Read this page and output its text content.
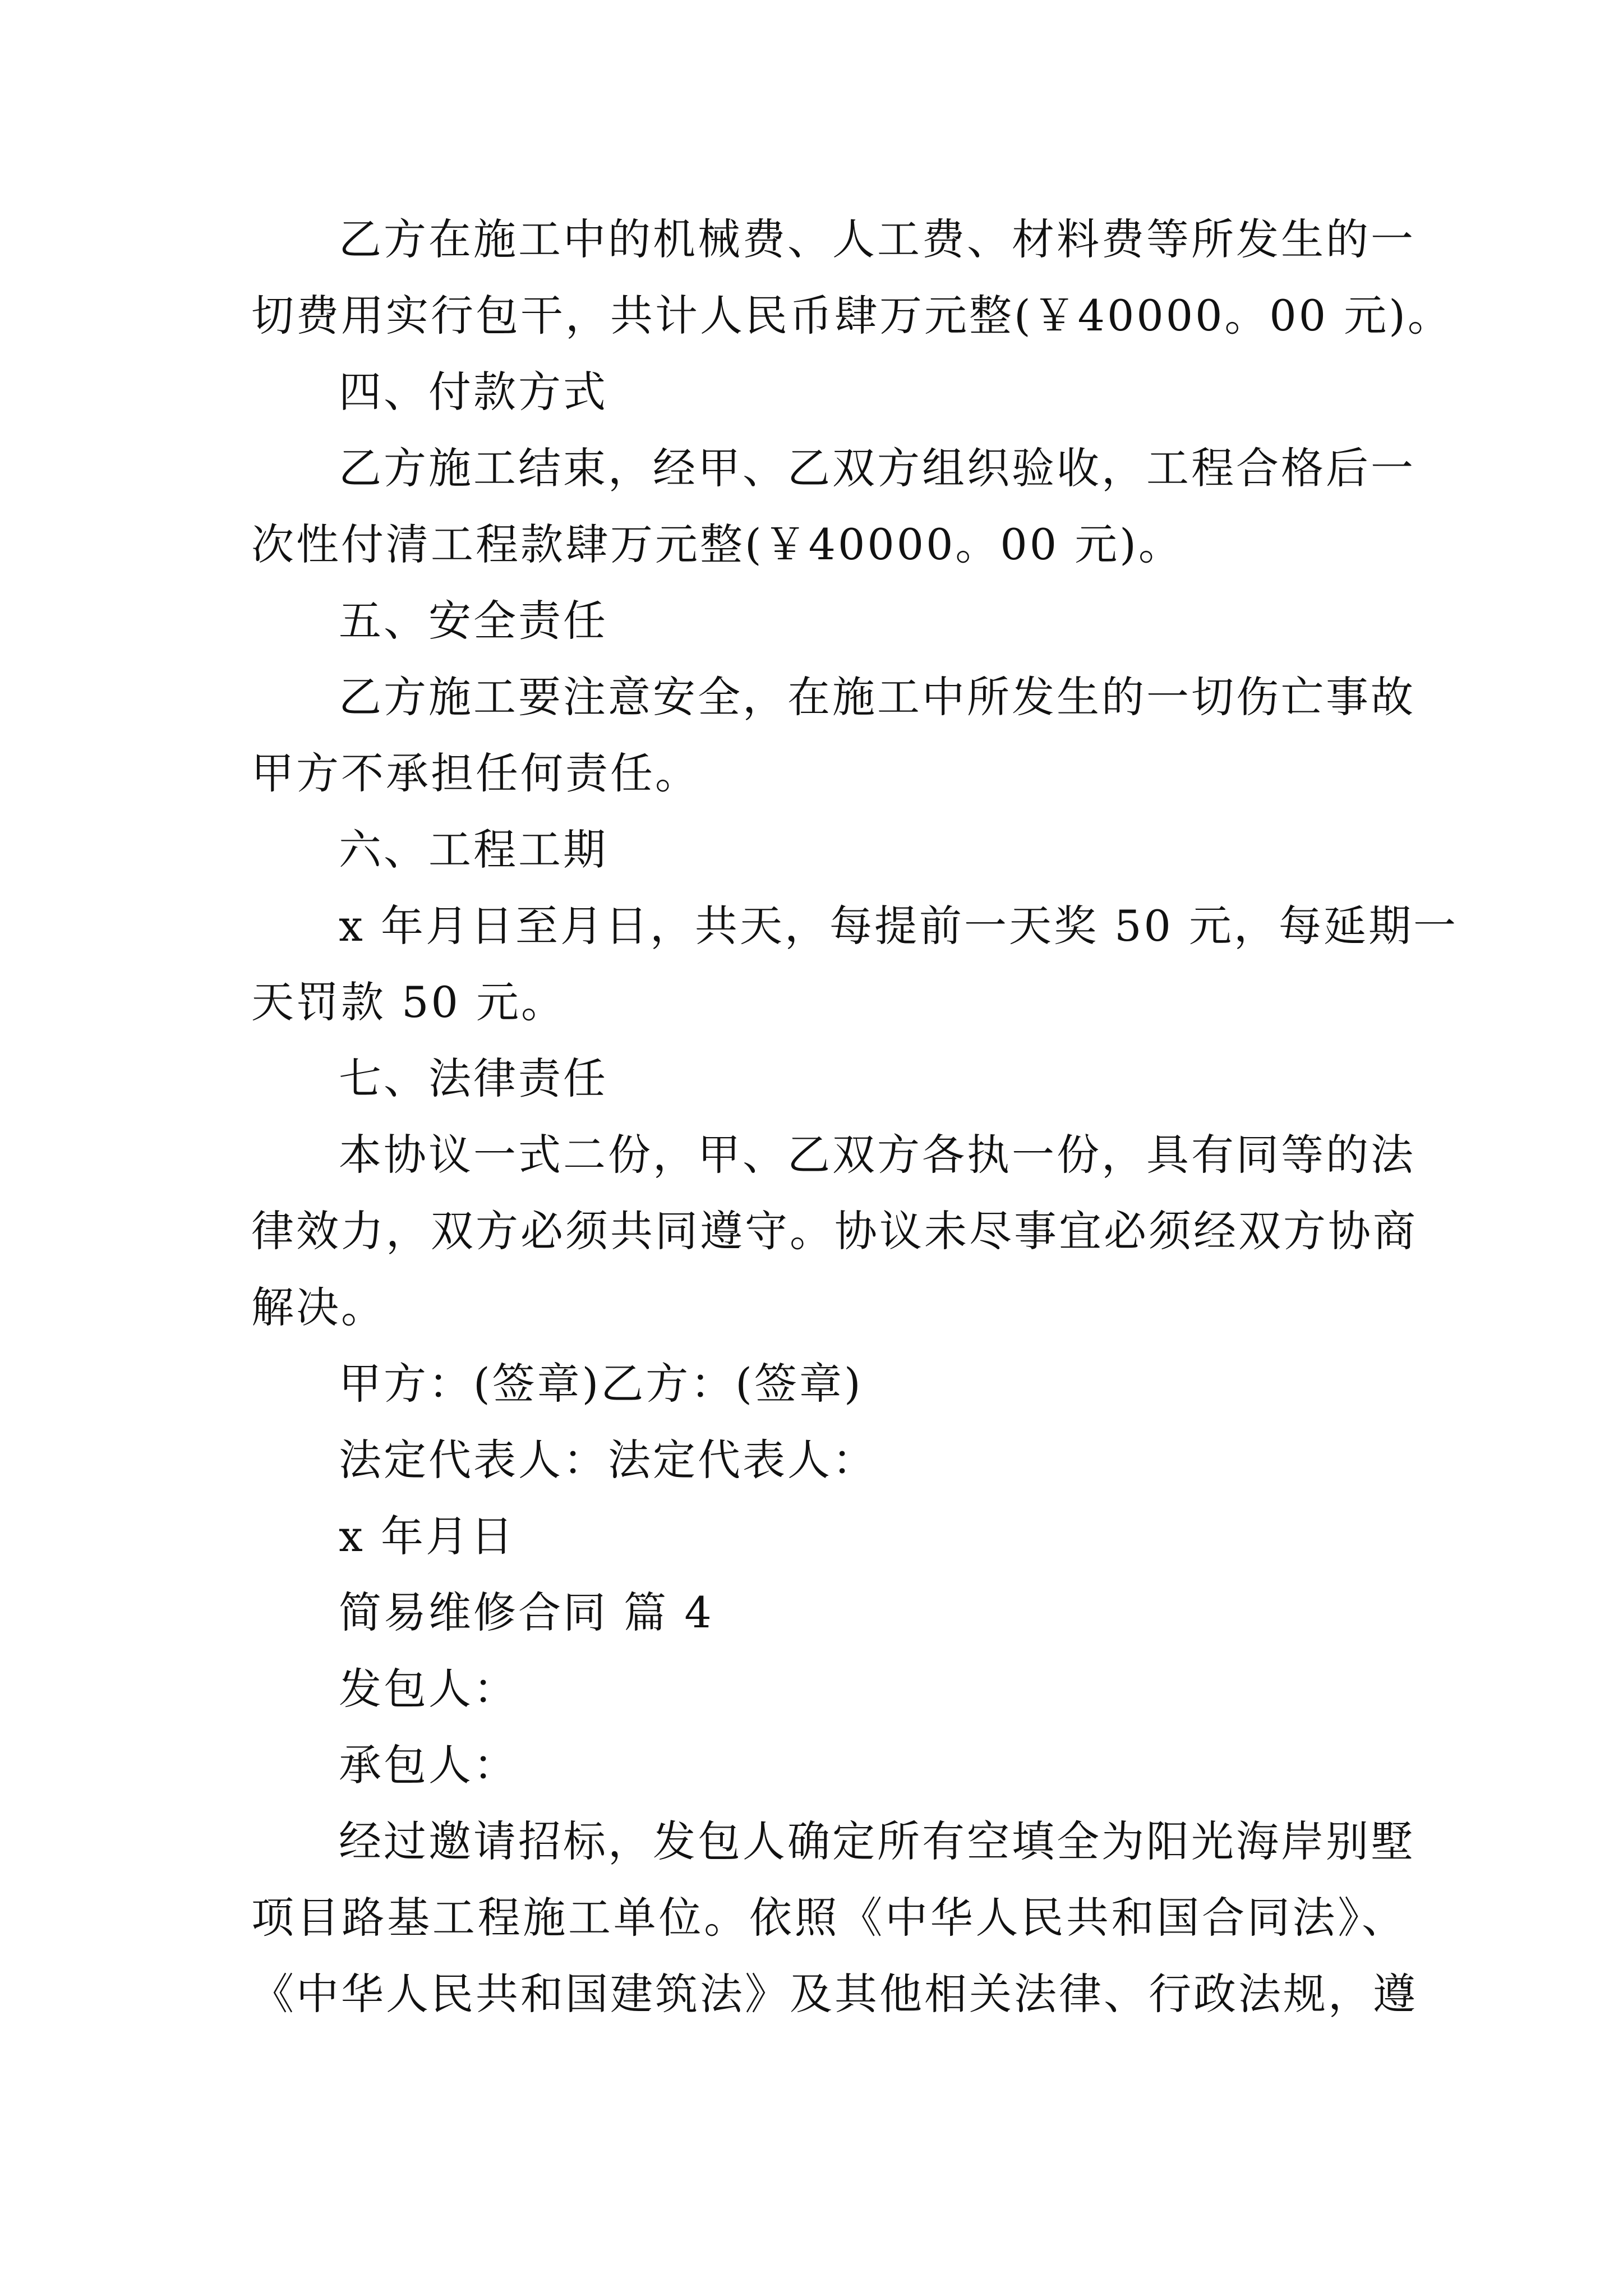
乙方在施工中的机械费、人工费、材料费等所发生的一
切费用实行包干，共计人民币肆万元整(￥40000。00 元)。
四、付款方式
乙方施工结束，经甲、乙双方组织验收，工程合格后一
次性付清工程款肆万元整(￥40000。00 元)。
五、安全责任
乙方施工要注意安全，在施工中所发生的一切伤亡事故
甲方不承担任何责任。
六、工程工期
x 年月日至月日，共天，每提前一天奖 50 元，每延期一
天罚款 50 元。
七、法律责任
本协议一式二份，甲、乙双方各执一份，具有同等的法
律效力，双方必须共同遵守。协议未尽事宜必须经双方协商
解决。
甲方：(签章)乙方：(签章)
法定代表人：法定代表人：
x 年月日
简易维修合同 篇 4
发包人：
承包人：
经过邀请招标，发包人确定所有空填全为阳光海岸别墅
项目路基工程施工单位。依照《中华人民共和国合同法》、
《中华人民共和国建筑法》及其他相关法律、行政法规，遵
